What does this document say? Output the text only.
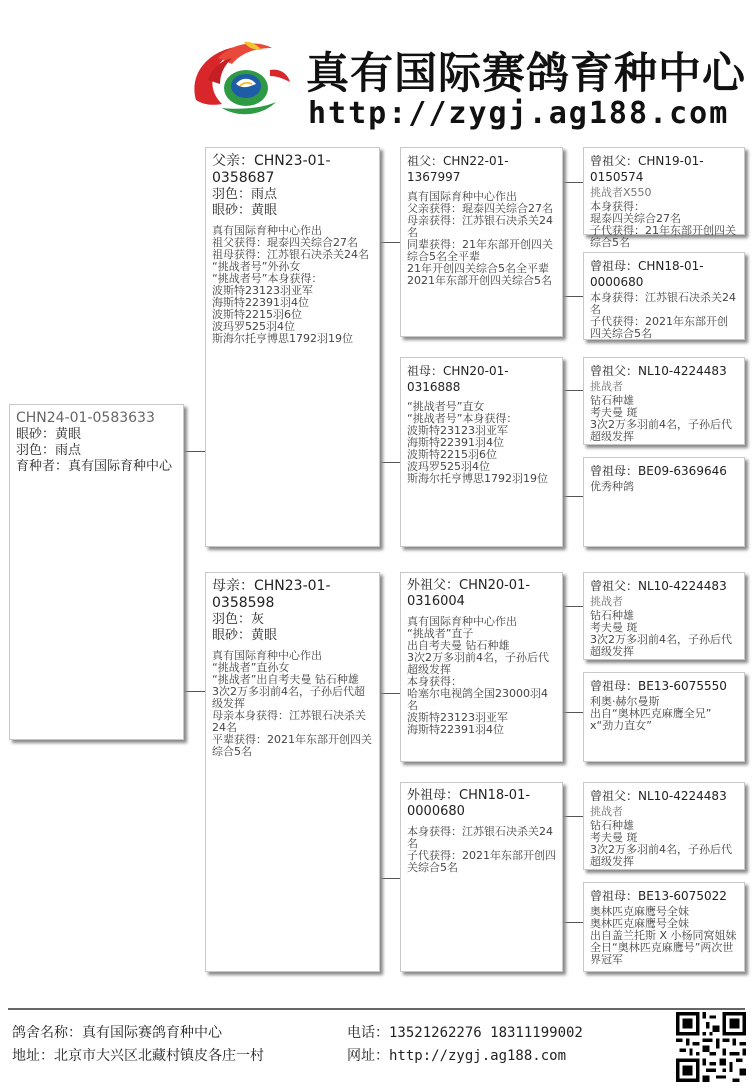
真有国际赛鸽育种中心
http://zygj.ag188.com
CHN24-01-0583633
眼砂：黄眼
羽色：雨点
育种者：真有国际育种中心
父亲：CHN23-01-0358687
羽色：雨点
眼砂：黄眼
真有国际育种中心作出
祖父获得：琨泰四关综合27名
祖母获得：江苏银石决杀关24名
“挑战者号”外孙女
“挑战者号”本身获得：
波斯特23123羽亚军
海斯特22391羽4位
波斯特2215羽6位
波玛罗525羽4位
斯海尔托亨博思1792羽19位
母亲：CHN23-01-0358598
羽色：灰
眼砂：黄眼
真有国际育种中心作出
“挑战者”直孙女
“挑战者”出自考夫曼 钻石种雄
3次2万多羽前4名，子孙后代超级发挥
母亲本身获得：江苏银石决杀关24名
平辈获得：2021年东部开创四关综合5名
祖父：CHN22-01-1367997
真有国际育种中心作出
父亲获得：琨泰四关综合27名
母亲获得：江苏银石决杀关24名
同辈获得：21年东部开创四关综合5名全平辈
21年开创四关综合5名全平辈
2021年东部开创四关综合5名
祖母：CHN20-01-0316888
“挑战者号”直女
“挑战者号”本身获得：
波斯特23123羽亚军
海斯特22391羽4位
波斯特2215羽6位
波玛罗525羽4位
斯海尔托亨博思1792羽19位
外祖父：CHN20-01-0316004
真有国际育种中心作出
“挑战者”直子
出自考夫曼 钻石种雄
3次2万多羽前4名，子孙后代超级发挥
本身获得：
哈塞尔电视鸽全国23000羽4名
波斯特23123羽亚军
海斯特22391羽4位
外祖母：CHN18-01-0000680
本身获得：江苏银石决杀关24名
子代获得：2021年东部开创四关综合5名
曾祖父：CHN19-01-0150574
挑战者X550
本身获得：
琨泰四关综合27名
子代获得：21年东部开创四关综合5名
曾祖母：CHN18-01-0000680
本身获得：江苏银石决杀关24名
子代获得：2021年东部开创四关综合5名
曾祖父：NL10-4224483
挑战者
钻石种雄
考夫曼 斑
3次2万多羽前4名，子孙后代超级发挥
曾祖母：BE09-6369646
优秀种鸽
曾祖父：NL10-4224483
挑战者
钻石种雄
考夫曼 斑
3次2万多羽前4名，子孙后代超级发挥
曾祖母：BE13-6075550
利奥·赫尔曼斯
出自“奥林匹克麻鹰全兄”
x“劲力直女”
曾祖父：NL10-4224483
挑战者
钻石种雄
考夫曼 斑
3次2万多羽前4名，子孙后代超级发挥
曾祖母：BE13-6075022
奥林匹克麻鹰号全妹
奥林匹克麻鹰号全妹
出自盖兰托斯 X 小杨同窝姐妹
全日“奥林匹克麻鹰号”两次世界冠军
鸽舍名称：真有国际赛鸽育种中心
地址：北京市大兴区北藏村镇皮各庄一村
电话：13521262276 18311199002
网址：http://zygj.ag188.com
